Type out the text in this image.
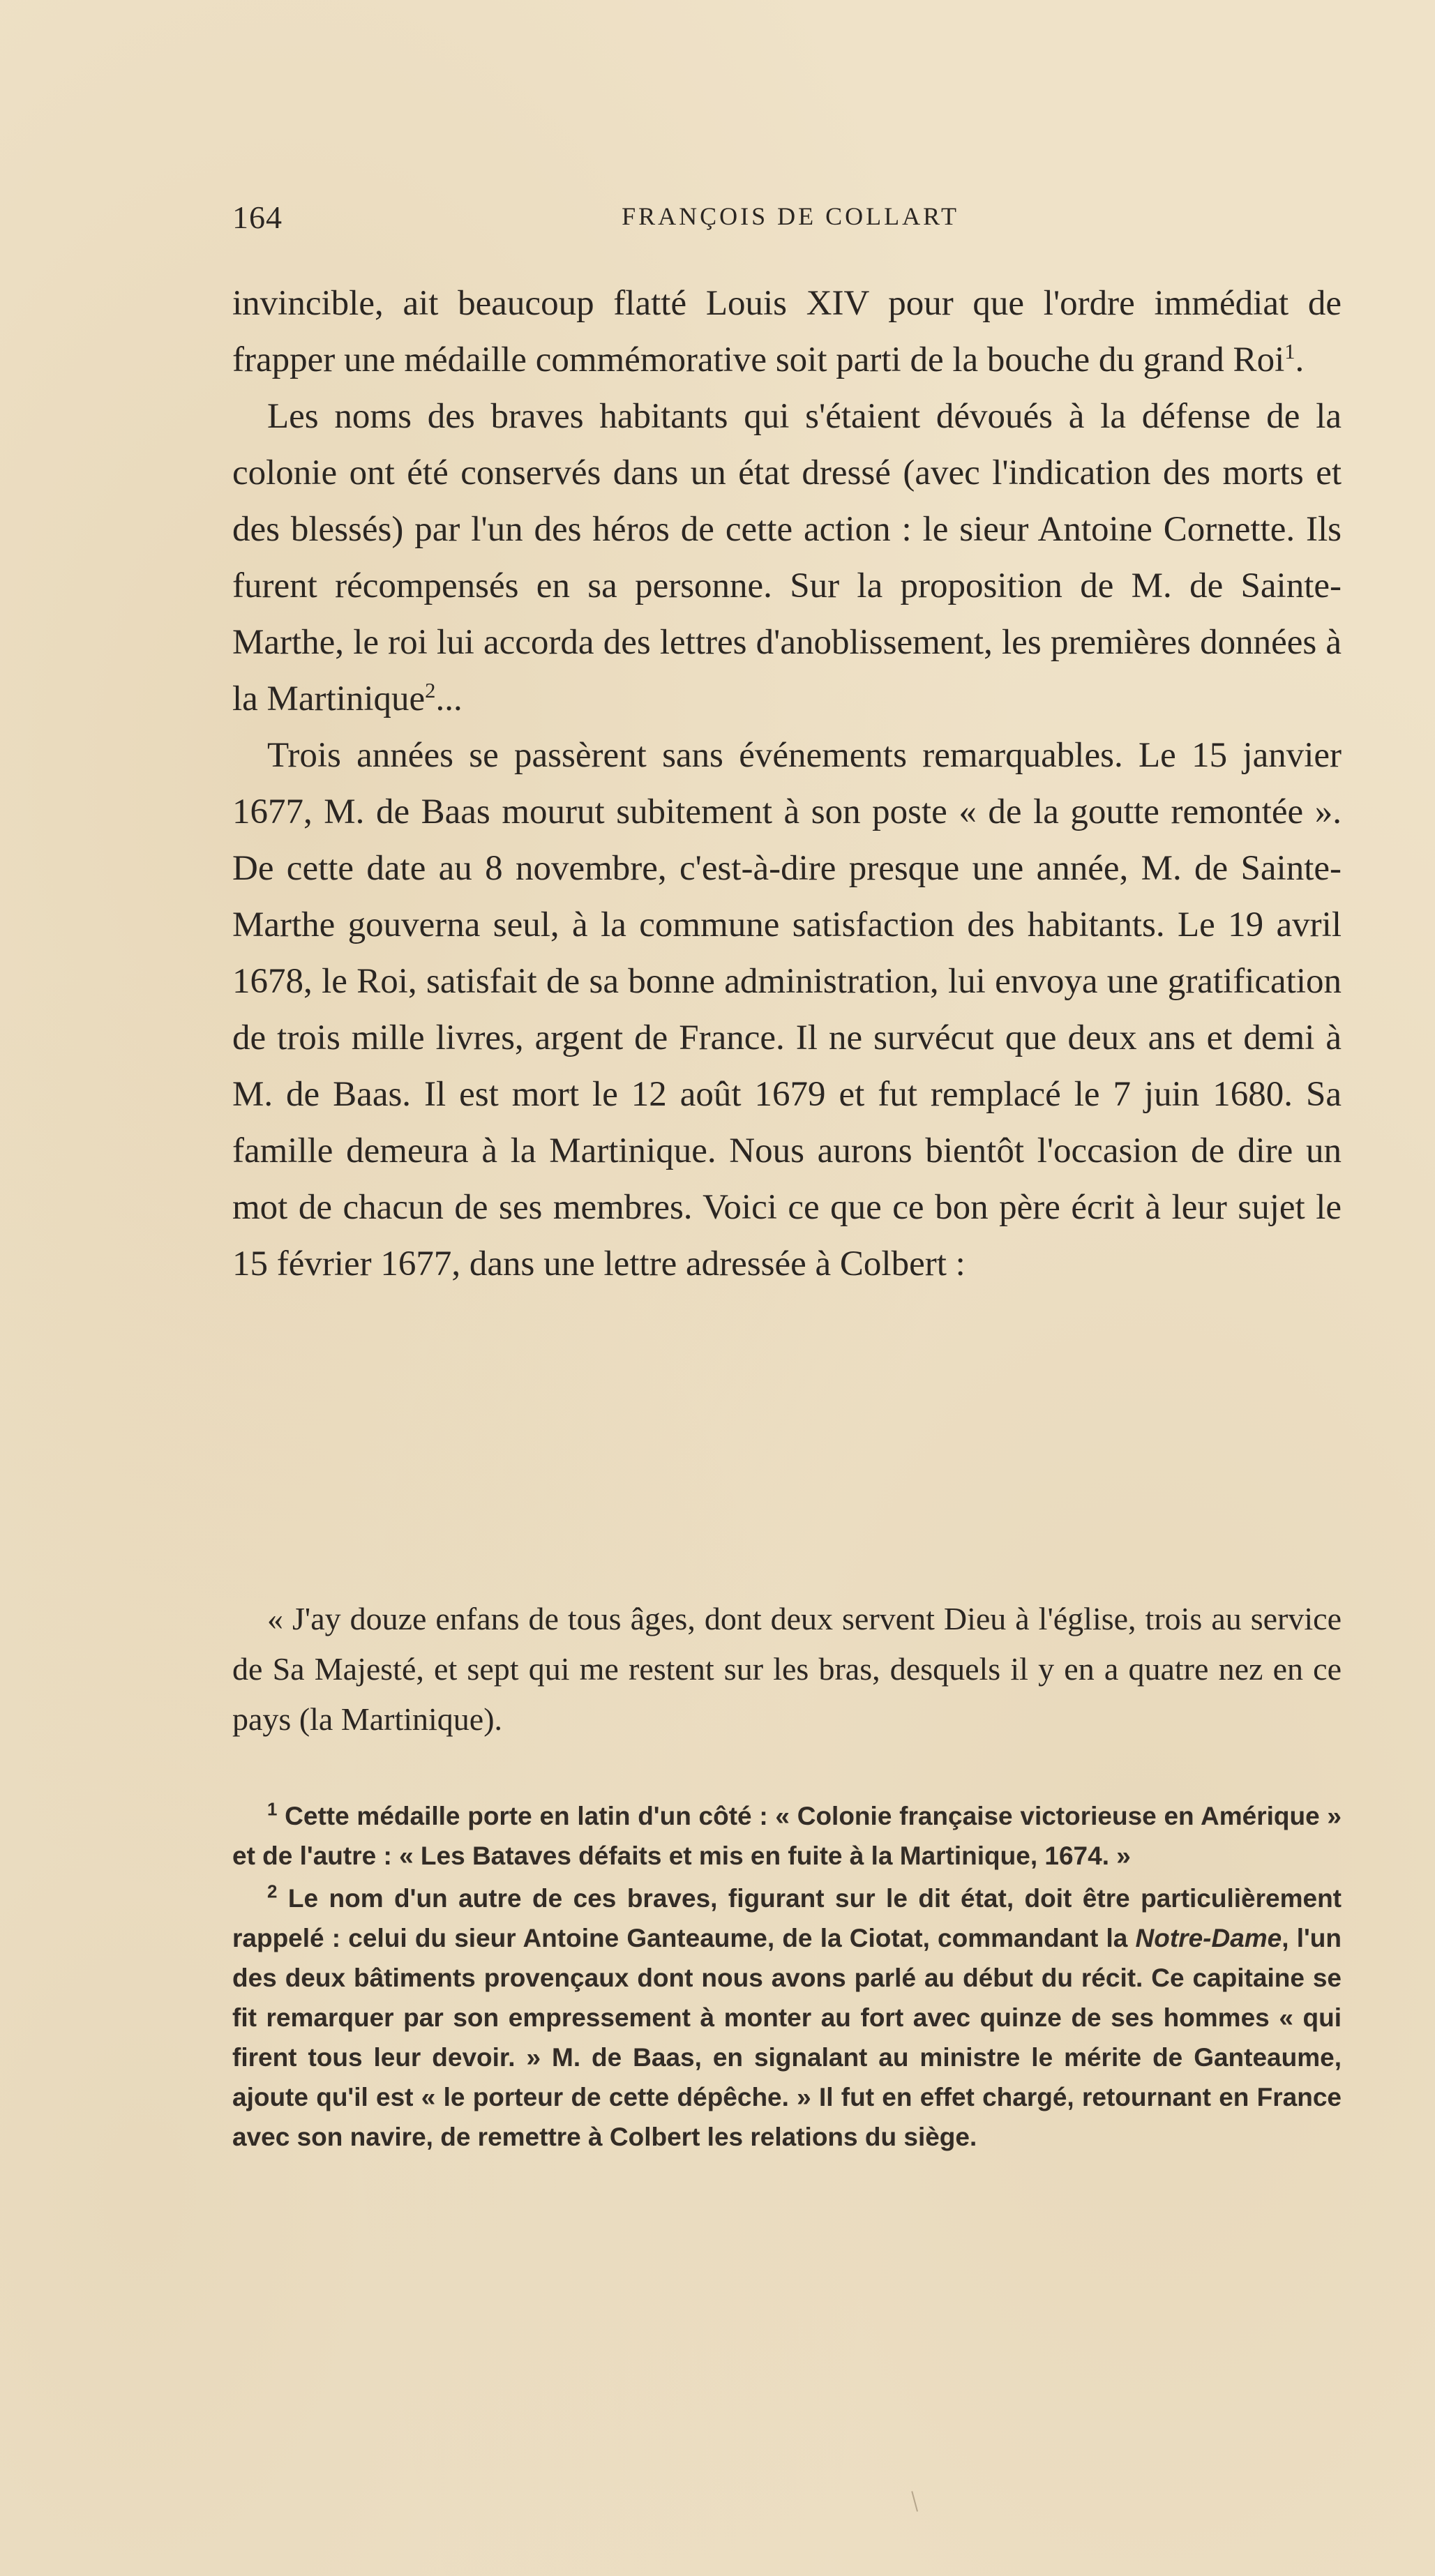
164	FRANÇOIS DE COLLART

invincible, ait beaucoup flatté Louis XIV pour que l'ordre immédiat de frapper une médaille commémorative soit parti de la bouche du grand Roi$^1$.

Les noms des braves habitants qui s'étaient dévoués à la défense de la colonie ont été conservés dans un état dressé (avec l'indication des morts et des blessés) par l'un des héros de cette action : le sieur Antoine Cornette. Ils furent récompensés en sa personne. Sur la proposition de M. de Sainte-Marthe, le roi lui accorda des lettres d'anoblissement, les premières données à la Martinique$^2$...

Trois années se passèrent sans événements remarquables. Le 15 janvier 1677, M. de Baas mourut subitement à son poste « de la goutte remontée ». De cette date au 8 novembre, c'est-à-dire presque une année, M. de Sainte-Marthe gouverna seul, à la commune satisfaction des habitants. Le 19 avril 1678, le Roi, satisfait de sa bonne administration, lui envoya une gratification de trois mille livres, argent de France. Il ne survécut que deux ans et demi à M. de Baas. Il est mort le 12 août 1679 et fut remplacé le 7 juin 1680. Sa famille demeura à la Martinique. Nous aurons bientôt l'occasion de dire un mot de chacun de ses membres. Voici ce que ce bon père écrit à leur sujet le 15 février 1677, dans une lettre adressée à Colbert :

« J'ay douze enfans de tous âges, dont deux servent Dieu à l'église, trois au service de Sa Majesté, et sept qui me restent sur les bras, desquels il y en a quatre nez en ce pays (la Martinique).

$^1$ Cette médaille porte en latin d'un côté : « Colonie française victorieuse en Amérique » et de l'autre : « Les Bataves défaits et mis en fuite à la Martinique, 1674. »

$^2$ Le nom d'un autre de ces braves, figurant sur le dit état, doit être particulièrement rappelé : celui du sieur Antoine Ganteaume, de la Ciotat, commandant la Notre-Dame, l'un des deux bâtiments provençaux dont nous avons parlé au début du récit. Ce capitaine se fit remarquer par son empressement à monter au fort avec quinze de ses hommes « qui firent tous leur devoir. » M. de Baas, en signalant au ministre le mérite de Ganteaume, ajoute qu'il est « le porteur de cette dépêche. » Il fut en effet chargé, retournant en France avec son navire, de remettre à Colbert les relations du siège.
